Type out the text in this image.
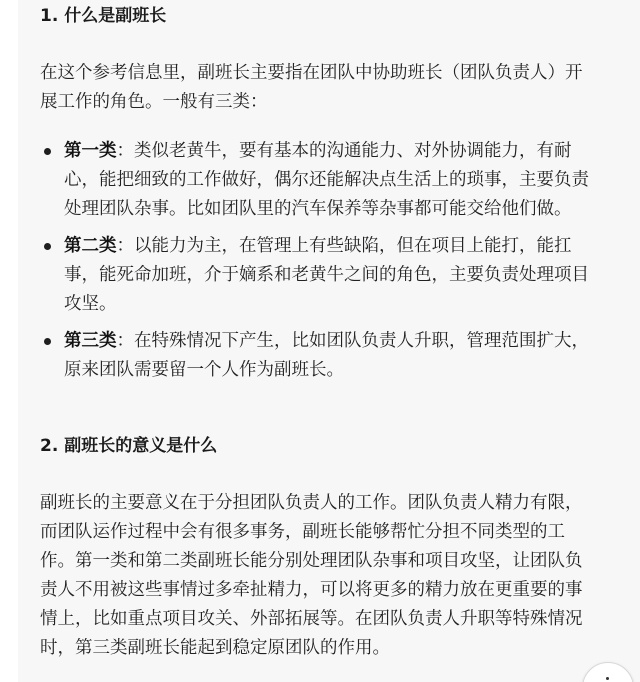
1. 什么是副班长

在这个参考信息里，副班长主要指在团队中协助班长（团队负责人）开
展工作的角色。一般有三类：

第一类：类似老黄牛，要有基本的沟通能力、对外协调能力，有耐
心，能把细致的工作做好，偶尔还能解决点生活上的琐事，主要负责
处理团队杂事。比如团队里的汽车保养等杂事都可能交给他们做。
第二类：以能力为主，在管理上有些缺陷，但在项目上能打，能扛
事，能死命加班，介于嫡系和老黄牛之间的角色，主要负责处理项目
攻坚。
第三类：在特殊情况下产生，比如团队负责人升职，管理范围扩大，
原来团队需要留一个人作为副班长。
2. 副班长的意义是什么

副班长的主要意义在于分担团队负责人的工作。团队负责人精力有限，
而团队运作过程中会有很多事务，副班长能够帮忙分担不同类型的工
作。第一类和第二类副班长能分别处理团队杂事和项目攻坚，让团队负
责人不用被这些事情过多牵扯精力，可以将更多的精力放在更重要的事
情上，比如重点项目攻关、外部拓展等。在团队负责人升职等特殊情况
时，第三类副班长能起到稳定原团队的作用。
